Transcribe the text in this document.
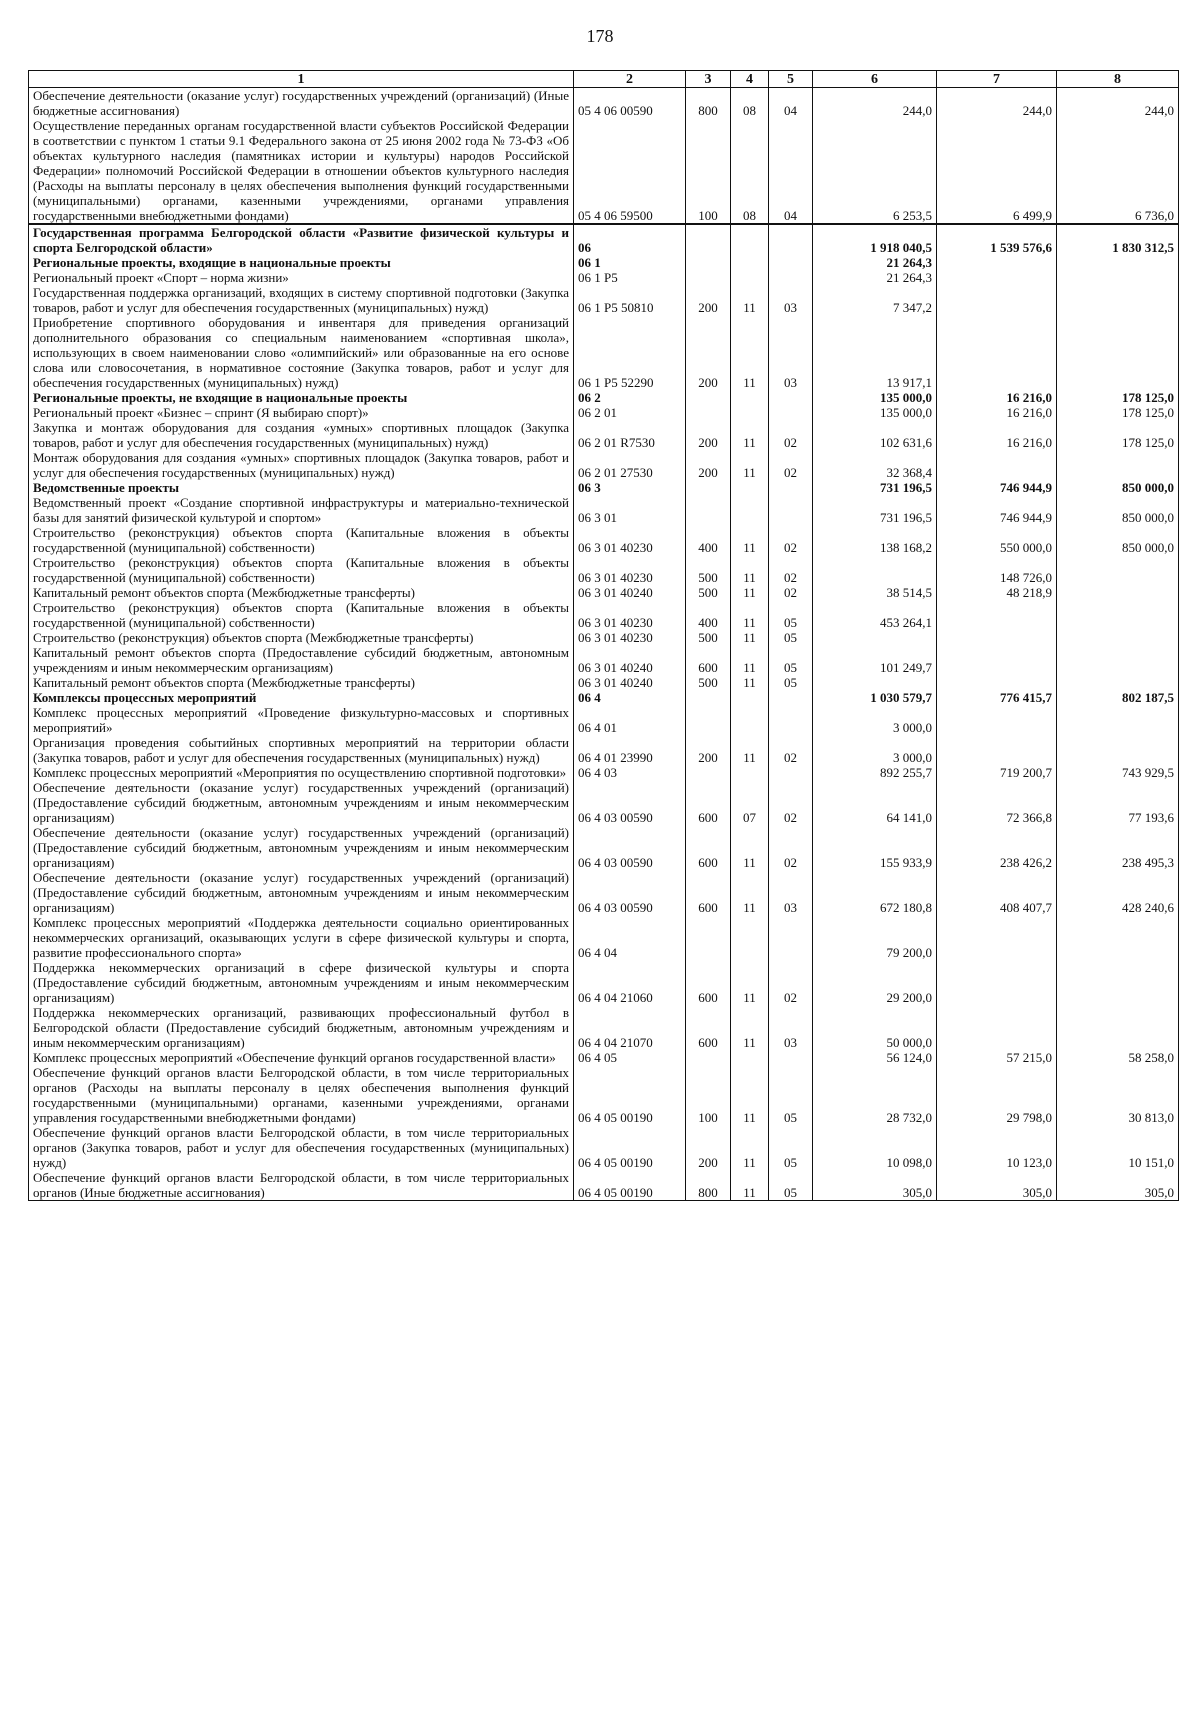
178
1	2	3	4	5	6	7	8
Обеспечение деятельности (оказание услуг) государственных учреждений (организаций) (Иные бюджетные ассигнования)	05 4 06 00590	800	08	04	244,0	244,0	244,0
Осуществление переданных органам государственной власти субъектов Российской Федерации в соответствии с пунктом 1 статьи 9.1 Федерального закона от 25 июня 2002 года № 73-ФЗ «Об объектах культурного наследия (памятниках истории и культуры) народов Российской Федерации» полномочий Российской Федерации в отношении объектов культурного наследия (Расходы на выплаты персоналу в целях обеспечения выполнения функций государственными (муниципальными) органами, казенными учреждениями, органами управления государственными внебюджетными фондами)	05 4 06 59500	100	08	04	6 253,5	6 499,9	6 736,0
Государственная программа Белгородской области «Развитие физической культуры и спорта Белгородской области»	06				1 918 040,5	1 539 576,6	1 830 312,5
Региональные проекты, входящие в национальные проекты	06 1				21 264,3		
Региональный проект «Спорт – норма жизни»	06 1 P5				21 264,3		
Государственная поддержка организаций, входящих в систему спортивной подготовки (Закупка товаров, работ и услуг для обеспечения государственных (муниципальных) нужд)	06 1 P5 50810	200	11	03	7 347,2		
Приобретение спортивного оборудования и инвентаря для приведения организаций дополнительного образования со специальным наименованием «спортивная школа», использующих в своем наименовании слово «олимпийский» или образованные на его основе слова или словосочетания, в нормативное состояние (Закупка товаров, работ и услуг для обеспечения государственных (муниципальных) нужд)	06 1 P5 52290	200	11	03	13 917,1		
Региональные проекты, не входящие в национальные проекты	06 2				135 000,0	16 216,0	178 125,0
Региональный проект «Бизнес – спринт (Я выбираю спорт)»	06 2 01				135 000,0	16 216,0	178 125,0
Закупка и монтаж оборудования для создания «умных» спортивных площадок (Закупка товаров, работ и услуг для обеспечения государственных (муниципальных) нужд)	06 2 01 R7530	200	11	02	102 631,6	16 216,0	178 125,0
Монтаж оборудования для создания «умных» спортивных площадок (Закупка товаров, работ и услуг для обеспечения государственных (муниципальных) нужд)	06 2 01 27530	200	11	02	32 368,4		
Ведомственные проекты	06 3				731 196,5	746 944,9	850 000,0
Ведомственный проект «Создание спортивной инфраструктуры и материально-технической базы для занятий физической культурой и спортом»	06 3 01				731 196,5	746 944,9	850 000,0
Строительство (реконструкция) объектов спорта (Капитальные вложения в объекты государственной (муниципальной) собственности)	06 3 01 40230	400	11	02	138 168,2	550 000,0	850 000,0
Строительство (реконструкция) объектов спорта (Капитальные вложения в объекты государственной (муниципальной) собственности)	06 3 01 40230	500	11	02		148 726,0	
Капитальный ремонт объектов спорта (Межбюджетные трансферты)	06 3 01 40240	500	11	02	38 514,5	48 218,9	
Строительство (реконструкция) объектов спорта (Капитальные вложения в объекты государственной (муниципальной) собственности)	06 3 01 40230	400	11	05	453 264,1		
Строительство (реконструкция) объектов спорта (Межбюджетные трансферты)	06 3 01 40230	500	11	05			
Капитальный ремонт объектов спорта (Предоставление субсидий бюджетным, автономным учреждениям и иным некоммерческим организациям)	06 3 01 40240	600	11	05	101 249,7		
Капитальный ремонт объектов спорта (Межбюджетные трансферты)	06 3 01 40240	500	11	05			
Комплексы процессных мероприятий	06 4				1 030 579,7	776 415,7	802 187,5
Комплекс процессных мероприятий «Проведение физкультурно-массовых и спортивных мероприятий»	06 4 01				3 000,0		
Организация проведения событийных спортивных мероприятий на территории области (Закупка товаров, работ и услуг для обеспечения государственных (муниципальных) нужд)	06 4 01 23990	200	11	02	3 000,0		
Комплекс процессных мероприятий «Мероприятия по осуществлению спортивной подготовки»	06 4 03				892 255,7	719 200,7	743 929,5
Обеспечение деятельности (оказание услуг) государственных учреждений (организаций) (Предоставление субсидий бюджетным, автономным учреждениям и иным некоммерческим организациям)	06 4 03 00590	600	07	02	64 141,0	72 366,8	77 193,6
Обеспечение деятельности (оказание услуг) государственных учреждений (организаций) (Предоставление субсидий бюджетным, автономным учреждениям и иным некоммерческим организациям)	06 4 03 00590	600	11	02	155 933,9	238 426,2	238 495,3
Обеспечение деятельности (оказание услуг) государственных учреждений (организаций) (Предоставление субсидий бюджетным, автономным учреждениям и иным некоммерческим организациям)	06 4 03 00590	600	11	03	672 180,8	408 407,7	428 240,6
Комплекс процессных мероприятий «Поддержка деятельности социально ориентированных некоммерческих организаций, оказывающих услуги в сфере физической культуры и спорта, развитие профессионального спорта»	06 4 04				79 200,0		
Поддержка некоммерческих организаций в сфере физической культуры и спорта (Предоставление субсидий бюджетным, автономным учреждениям и иным некоммерческим организациям)	06 4 04 21060	600	11	02	29 200,0		
Поддержка некоммерческих организаций, развивающих профессиональный футбол в Белгородской области (Предоставление субсидий бюджетным, автономным учреждениям и иным некоммерческим организациям)	06 4 04 21070	600	11	03	50 000,0		
Комплекс процессных мероприятий «Обеспечение функций органов государственной власти»	06 4 05				56 124,0	57 215,0	58 258,0
Обеспечение функций органов власти Белгородской области, в том числе территориальных органов (Расходы на выплаты персоналу в целях обеспечения выполнения функций государственными (муниципальными) органами, казенными учреждениями, органами управления государственными внебюджетными фондами)	06 4 05 00190	100	11	05	28 732,0	29 798,0	30 813,0
Обеспечение функций органов власти Белгородской области, в том числе территориальных органов (Закупка товаров, работ и услуг для обеспечения государственных (муниципальных) нужд)	06 4 05 00190	200	11	05	10 098,0	10 123,0	10 151,0
Обеспечение функций органов власти Белгородской области, в том числе территориальных органов (Иные бюджетные ассигнования)	06 4 05 00190	800	11	05	305,0	305,0	305,0
